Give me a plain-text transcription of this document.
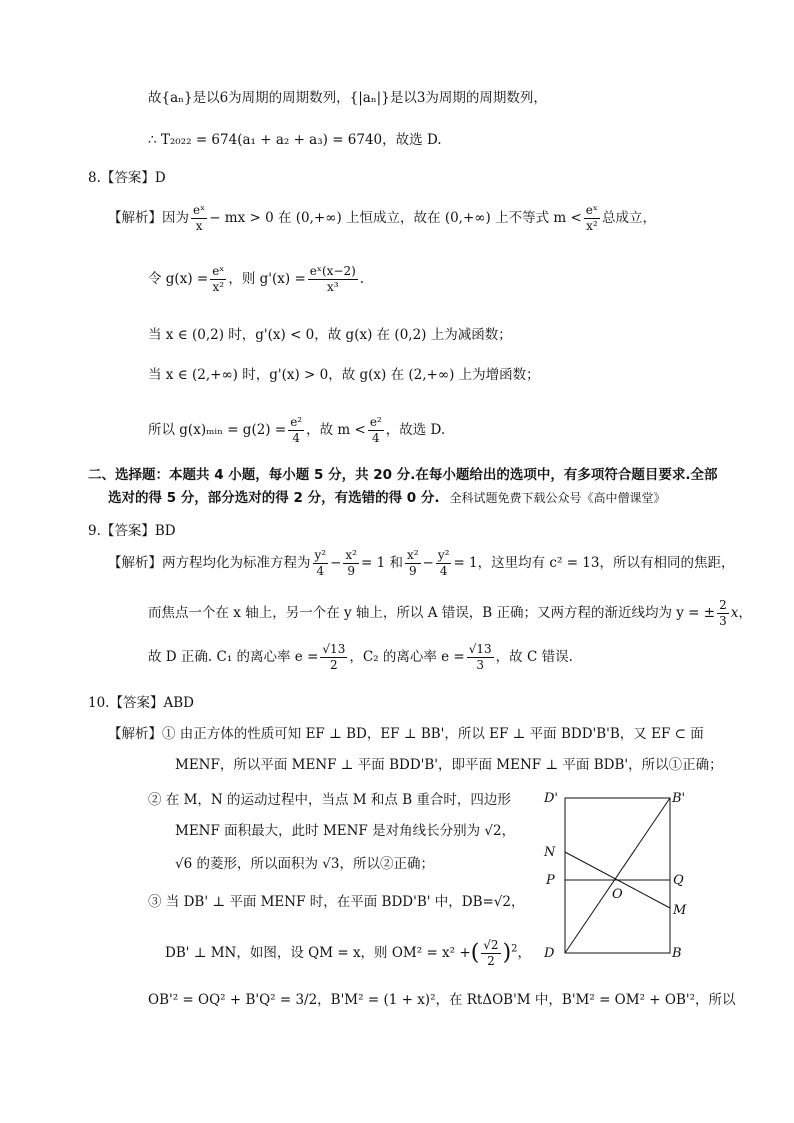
故{aₙ}是以6为周期的周期数列，{|aₙ|}是以3为周期的周期数列，
∴ T₂₀₂₂ = 674(a₁ + a₂ + a₃) = 6740，故选 D.
8.【答案】D
【解析】因为 $\frac{\text{eˣ}}{x}$ − mx > 0 在 (0,+∞) 上恒成立，故在 (0,+∞) 上不等式 $m < \frac{\text{eˣ}}{\text{x²}}$ 总成立，
令 $g(x) = \frac{\text{eˣ}}{\text{x²}}$ ，则 $g'(x) = \frac{\text{eˣ(x−2)}}{\text{x³}}$ .
当 x ∈ (0,2) 时，g'(x) < 0，故 g(x) 在 (0,2) 上为减函数；
当 x ∈ (2,+∞) 时，g'(x) > 0，故 g(x) 在 (2,+∞) 上为增函数；
所以 g(x)ₘᵢₙ = $g(2) = \frac{\text{e²}}{4}$ ，故 $m < \frac{\text{e²}}{4}$ ，故选 D.
二、选择题：本题共 4 小题，每小题 5 分，共 20 分.在每小题给出的选项中，有多项符合题目要求.全部
选对的得 5 分，部分选对的得 2 分，有选错的得 0 分. 全科试题免费下载公众号《高中僧课堂》
9.【答案】BD
【解析】两方程均化为标准方程为 $\frac{\text{y²}}{4} - \frac{\text{x²}}{9} = 1$ 和 $\frac{\text{x²}}{9} - \frac{\text{y²}}{4} = 1$，这里均有 c² = 13，所以有相同的焦距，
而焦点一个在 x 轴上，另一个在 y 轴上，所以 A 错误，B 正确；又两方程的渐近线均为 y = ± $\frac{2}{3}$ x，
故 D 正确. C₁ 的离心率 $e = \frac{√13}{2}$ ，C₂ 的离心率 $e = \frac{√13}{3}$ ，故 C 错误.
10.【答案】ABD
【解析】① 由正方体的性质可知 EF ⊥ BD，EF ⊥ BB'，所以 EF ⊥ 平面 BDD'B'B，又 EF ⊂ 面
MENF，所以平面 MENF ⊥ 平面 BDD'B'，即平面 MENF ⊥ 平面 BDB'，所以①正确；
② 在 M，N 的运动过程中，当点 M 和点 B 重合时，四边形
MENF 面积最大，此时 MENF 是对角线长分别为 √2，
√6 的菱形，所以面积为 √3，所以②正确；
③ 当 DB' ⊥ 平面 MENF 时，在平面 BDD'B' 中，DB=√2，
DB' ⊥ MN，如图，设 QM = x，则 OM² = x² +( $\frac{√2}{2} )^2$，
OB'² = OQ² + B'Q² = 3/2，B'M² = (1 + x)²，在 RtΔOB'M 中，B'M² = OM² + OB'²，所以
D'	B'
N
P	Q
O
M
D	B
